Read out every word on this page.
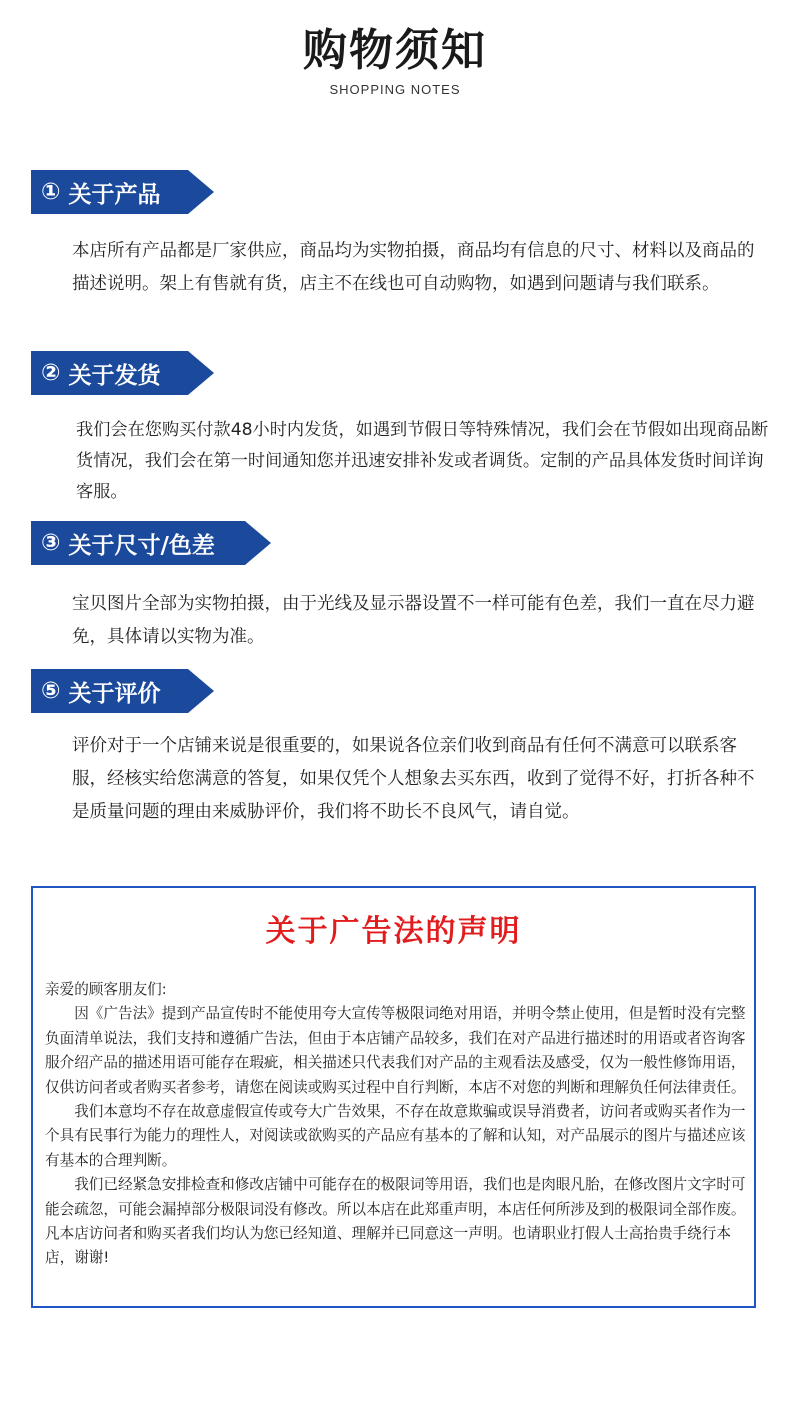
购物须知
SHOPPING NOTES
① 关于产品
本店所有产品都是厂家供应，商品均为实物拍摄，商品均有信息的尺寸、材料以及商品的描述说明。架上有售就有货，店主不在线也可自动购物，如遇到问题请与我们联系。
② 关于发货
我们会在您购买付款48小时内发货，如遇到节假日等特殊情况，我们会在节假如出现商品断货情况，我们会在第一时间通知您并迅速安排补发或者调货。定制的产品具体发货时间详询客服。
③ 关于尺寸/色差
宝贝图片全部为实物拍摄，由于光线及显示器设置不一样可能有色差，我们一直在尽力避免，具体请以实物为准。
⑤ 关于评价
评价对于一个店铺来说是很重要的，如果说各位亲们收到商品有任何不满意可以联系客服，经核实给您满意的答复，如果仅凭个人想象去买东西，收到了觉得不好，打折各种不是质量问题的理由来威胁评价，我们将不助长不良风气，请自觉。
关于广告法的声明

亲爱的顾客朋友们:

因《广告法》提到产品宣传时不能使用夸大宣传等极限词绝对用语，并明令禁止使用，但是暂时没有完整负面清单说法，我们支持和遵循广告法，但由于本店铺产品较多，我们在对产品进行描述时的用语或者咨询客服介绍产品的描述用语可能存在瑕疵，相关描述只代表我们对产品的主观看法及感受，仅为一般性修饰用语，仅供访问者或者购买者参考，请您在阅读或购买过程中自行判断，本店不对您的判断和理解负任何法律责任。

我们本意均不存在故意虚假宣传或夸大广告效果，不存在故意欺骗或误导消费者，访问者或购买者作为一个具有民事行为能力的理性人，对阅读或欲购买的产品应有基本的了解和认知，对产品展示的图片与描述应该有基本的合理判断。

我们已经紧急安排检查和修改店铺中可能存在的极限词等用语，我们也是肉眼凡胎，在修改图片文字时可能会疏忽，可能会漏掉部分极限词没有修改。所以本店在此郑重声明，本店任何所涉及到的极限词全部作废。凡本店访问者和购买者我们均认为您已经知道、理解并已同意这一声明。也请职业打假人士高抬贵手绕行本店，谢谢!
